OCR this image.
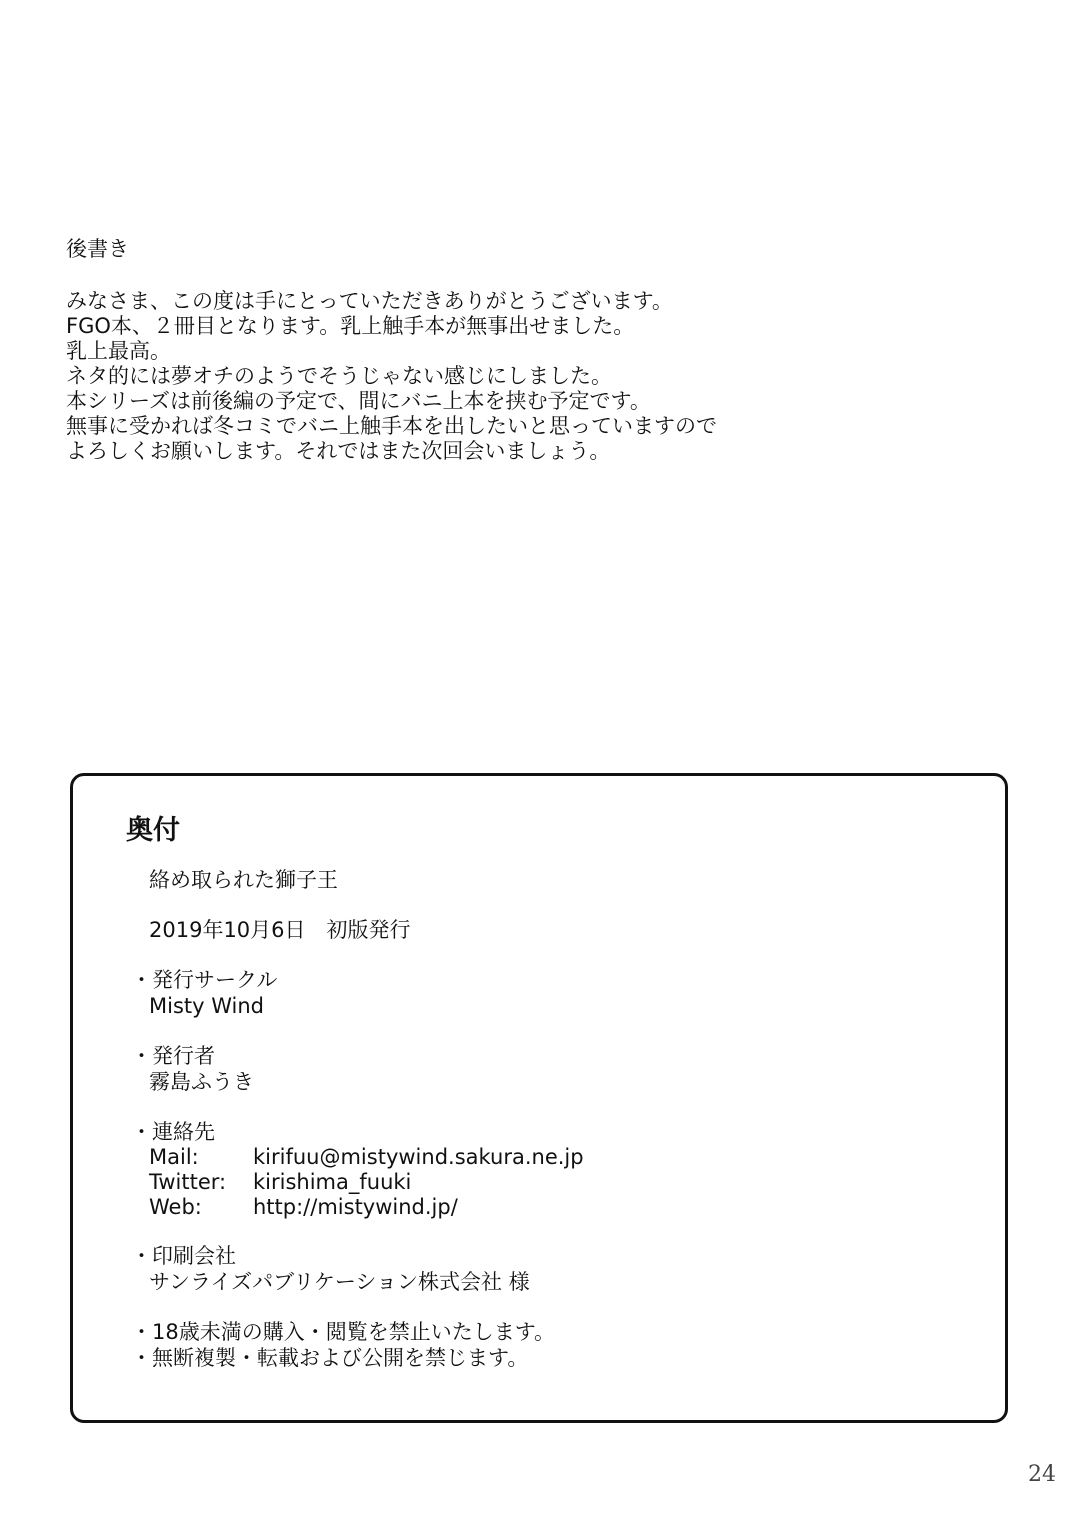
後書き
みなさま、この度は手にとっていただきありがとうございます。
FGO本、２冊目となります。乳上触手本が無事出せました。
乳上最高。
ネタ的には夢オチのようでそうじゃない感じにしました。
本シリーズは前後編の予定で、間にバニ上本を挟む予定です。
無事に受かれば冬コミでバニ上触手本を出したいと思っていますので
よろしくお願いします。それではまた次回会いましょう。
奥付
絡め取られた獅子王
2019年10月6日　初版発行
・発行サークル
Misty Wind
・発行者
霧島ふうき
・連絡先
Mail:	kirifuu@mistywind.sakura.ne.jp
Twitter: kirishima_fuuki
Web: http://mistywind.jp/
・印刷会社
サンライズパブリケーション株式会社 様
・18歳未満の購入・閲覧を禁止いたします。
・無断複製・転載および公開を禁じます。
24
